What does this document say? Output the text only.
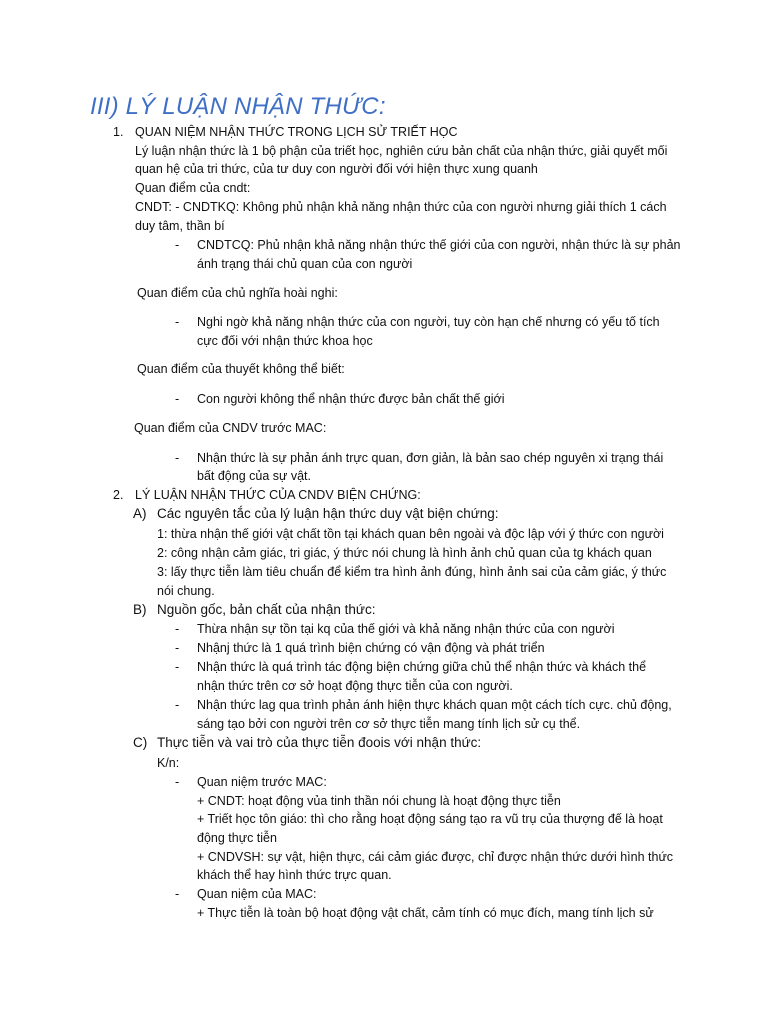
III) LÝ LUẬN NHẬN THỨC:
1. QUAN NIỆM NHẬN THỨC TRONG LỊCH SỬ TRIẾT HỌC
Lý luận nhận thức là 1 bộ phận của triết học, nghiên cứu bản chất của nhận thức, giải quyết mối
quan hệ của tri thức, của tư duy con người đối với hiện thực xung quanh
Quan điểm của cndt:
CNDT: - CNDTKQ: Không phủ nhận khả năng nhận thức của con người nhưng giải thích 1 cách
duy tâm, thần bí
- CNDTCQ: Phủ nhận khả năng nhận thức thế giới của con người, nhận thức là sự phản
ánh trạng thái chủ quan của con người
Quan điểm của chủ nghĩa hoài nghi:
- Nghi ngờ khả năng nhận thức của con người, tuy còn hạn chế nhưng có yếu tố tích
cực đối với nhận thức khoa học
Quan điểm của thuyết không thể biết:
- Con người không thể nhận thức được bản chất thế giới
Quan điểm của CNDV trước MAC:
- Nhận thức là sự phản ánh trực quan, đơn giản, là bản sao chép nguyên xi trạng thái
bất động của sự vật.
2. LÝ LUẬN NHẬN THỨC CỦA CNDV BIỆN CHỨNG:
A) Các nguyên tắc của lý luận hận thức duy vật biện chứng:
1: thừa nhận thế giới vật chất tồn tại khách quan bên ngoài và độc lập với ý thức con người
2: công nhận cảm giác, tri giác, ý thức nói chung là hình ảnh chủ quan của tg khách quan
3: lấy thực tiễn làm tiêu chuẩn để kiểm tra hình ảnh đúng, hình ảnh sai của cảm giác, ý thức
nói chung.
B) Nguồn gốc, bản chất của nhận thức:
- Thừa nhận sự tồn tại kq của thế giới và khả năng nhận thức của con người
- Nhậnj thức là 1 quá trình biện chứng có vận động và phát triển
- Nhận thức là quá trình tác động biện chứng giữa chủ thể nhận thức và khách thể
nhận thức trên cơ sở hoạt động thực tiễn của con người.
- Nhận thức lag qua trình phản ánh hiện thực khách quan một cách tích cực. chủ động,
sáng tạo bởi con người trên cơ sở thực tiễn mang tính lịch sử cụ thể.
C) Thực tiễn và vai trò của thực tiễn đoois với nhận thức:
K/n:
- Quan niệm trước MAC:
+ CNDT: hoạt động vủa tinh thần nói chung là hoạt động thực tiễn
+ Triết học tôn giáo: thì cho rằng hoạt động sáng tạo ra vũ trụ của thượng đế là hoạt
động thực tiễn
+ CNDVSH: sự vật, hiện thực, cái cảm giác được, chỉ được nhận thức dưới hình thức
khách thể hay hình thức trực quan.
- Quan niệm của MAC:
+ Thực tiễn là toàn bộ hoạt động vật chất, cảm tính có mục đích, mang tính lịch sử
